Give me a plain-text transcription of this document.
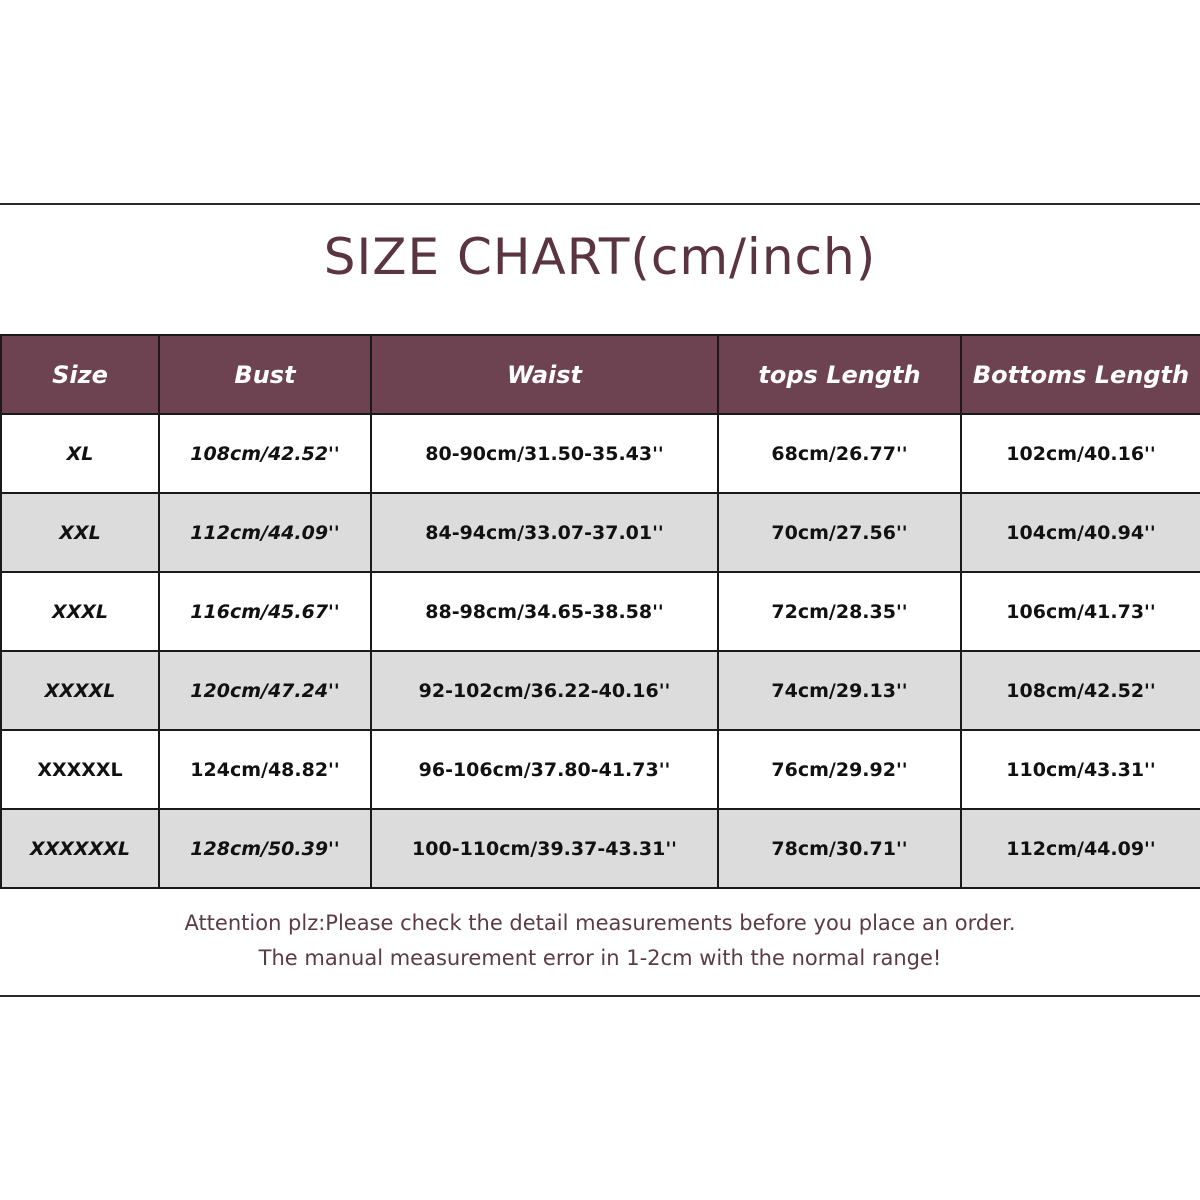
SIZE CHART(cm/inch)
Size	Bust	Waist	tops Length	Bottoms Length
XL	108cm/42.52''	80-90cm/31.50-35.43''	68cm/26.77''	102cm/40.16''
XXL	112cm/44.09''	84-94cm/33.07-37.01''	70cm/27.56''	104cm/40.94''
XXXL	116cm/45.67''	88-98cm/34.65-38.58''	72cm/28.35''	106cm/41.73''
XXXXL	120cm/47.24''	92-102cm/36.22-40.16''	74cm/29.13''	108cm/42.52''
XXXXXL	124cm/48.82''	96-106cm/37.80-41.73''	76cm/29.92''	110cm/43.31''
XXXXXXL	128cm/50.39''	100-110cm/39.37-43.31''	78cm/30.71''	112cm/44.09''
Attention plz:Please check the detail measurements before you place an order.
The manual measurement error in 1-2cm with the normal range!
